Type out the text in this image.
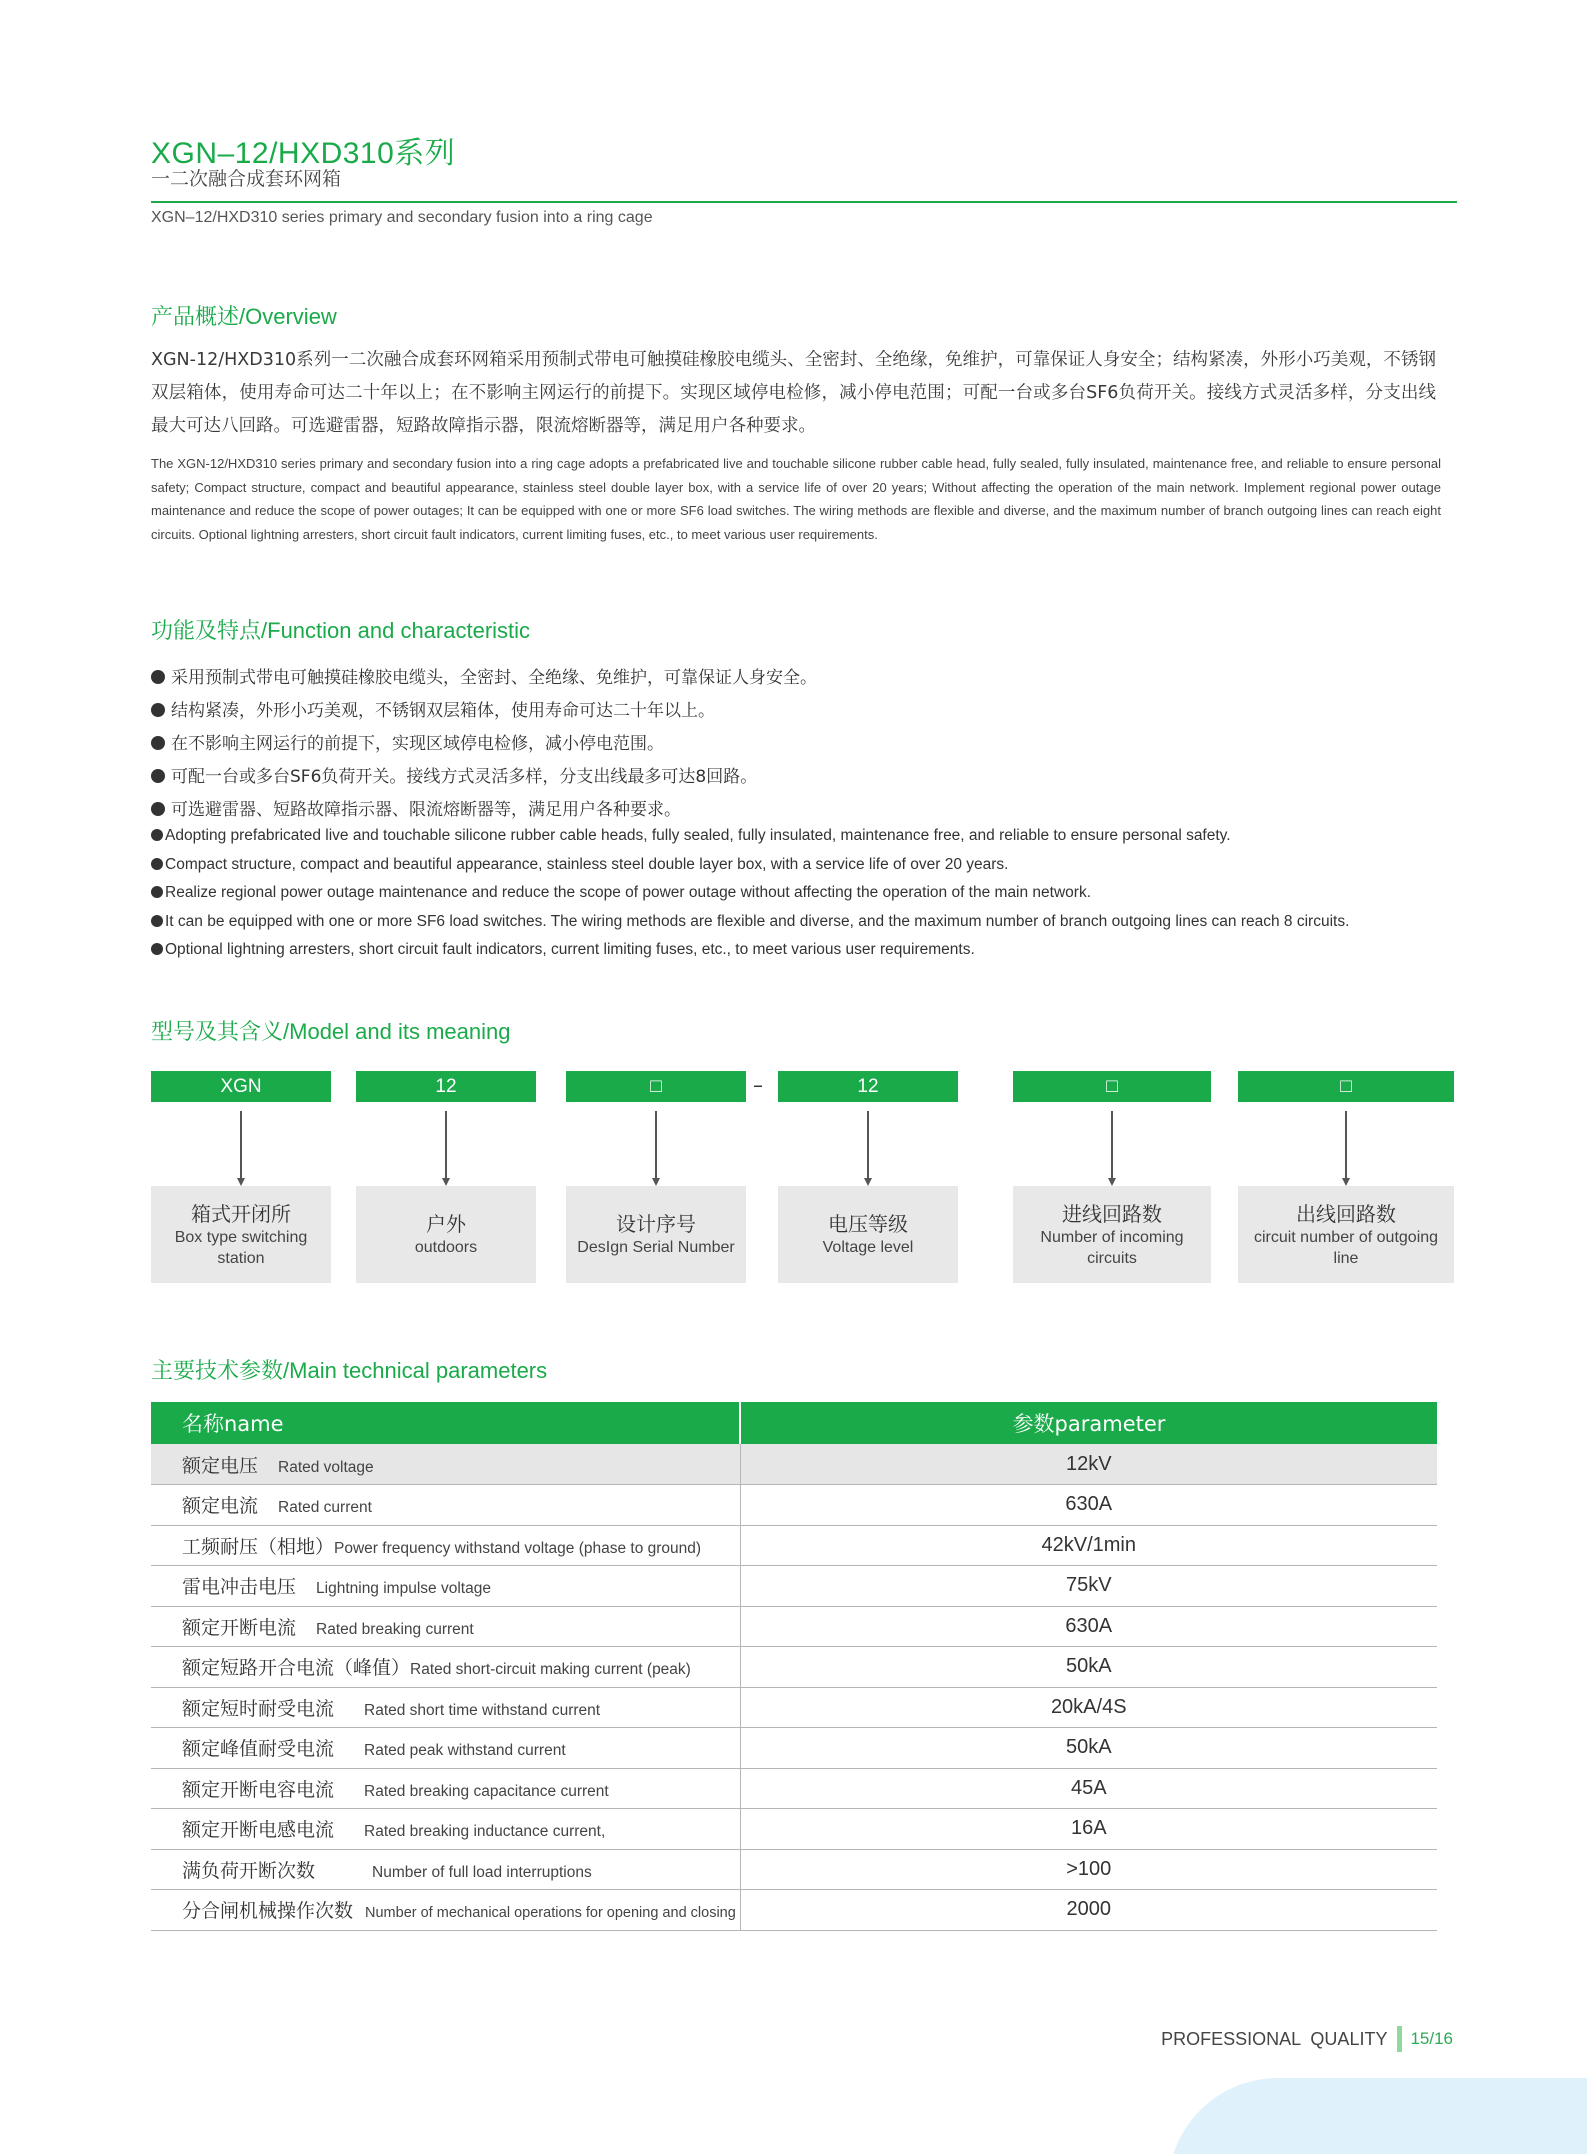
XGN–12/HXD310系列
一二次融合成套环网箱
XGN–12/HXD310 series primary and secondary fusion into a ring cage
产品概述/Overview

XGN-12/HXD310系列一二次融合成套环网箱采用预制式带电可触摸硅橡胶电缆头、全密封、全绝缘，免维护，可靠保证人身安全；结构紧凑，外形小巧美观，不锈钢双层箱体，使用寿命可达二十年以上；在不影响主网运行的前提下。实现区域停电检修，减小停电范围；可配一台或多台SF6负荷开关。接线方式灵活多样，分支出线最大可达八回路。可选避雷器，短路故障指示器，限流熔断器等，满足用户各种要求。

The XGN-12/HXD310 series primary and secondary fusion into a ring cage adopts a prefabricated live and touchable silicone rubber cable head, fully sealed, fully insulated, maintenance free, and reliable to ensure personal safety; Compact structure, compact and beautiful appearance, stainless steel double layer box, with a service life of over 20 years; Without affecting the operation of the main network. Implement regional power outage maintenance and reduce the scope of power outages; It can be equipped with one or more SF6 load switches. The wiring methods are flexible and diverse, and the maximum number of branch outgoing lines can reach eight circuits. Optional lightning arresters, short circuit fault indicators, current limiting fuses, etc., to meet various user requirements.

功能及特点/Function and characteristic
采用预制式带电可触摸硅橡胶电缆头，全密封、全绝缘、免维护，可靠保证人身安全。
结构紧凑，外形小巧美观，不锈钢双层箱体，使用寿命可达二十年以上。
在不影响主网运行的前提下，实现区域停电检修，减小停电范围。
可配一台或多台SF6负荷开关。接线方式灵活多样，分支出线最多可达8回路。
可选避雷器、短路故障指示器、限流熔断器等，满足用户各种要求。
Adopting prefabricated live and touchable silicone rubber cable heads, fully sealed, fully insulated, maintenance free, and reliable to ensure personal safety.
Compact structure, compact and beautiful appearance, stainless steel double layer box, with a service life of over 20 years.
Realize regional power outage maintenance and reduce the scope of power outage without affecting the operation of the main network.
It can be equipped with one or more SF6 load switches. The wiring methods are flexible and diverse, and the maximum number of branch outgoing lines can reach 8 circuits.
Optional lightning arresters, short circuit fault indicators, current limiting fuses, etc., to meet various user requirements.
型号及其含义/Model and its meaning
XGN	12	□	–	12	□	□
箱式开闭所
Box type switching station
户外
outdoors
设计序号
DesIgn Serial Number
电压等级
Voltage level
进线回路数
Number of incoming circuits
出线回路数
circuit number of outgoing line
主要技术参数/Main technical parameters
名称name	参数parameter
额定电压 Rated voltage	12kV
额定电流 Rated current	630A
工频耐压（相地）Power frequency withstand voltage (phase to ground)	42kV/1min
雷电冲击电压 Lightning impulse voltage	75kV
额定开断电流 Rated breaking current	630A
额定短路开合电流（峰值）Rated short-circuit making current (peak)	50kA
额定短时耐受电流 Rated short time withstand current	20kA/4S
额定峰值耐受电流 Rated peak withstand current	50kA
额定开断电容电流 Rated breaking capacitance current	45A
额定开断电感电流 Rated breaking inductance current,	16A
满负荷开断次数 Number of full load interruptions	>100
分合闸机械操作次数 Number of mechanical operations for opening and closing	2000
PROFESSIONAL  QUALITY 15/16
